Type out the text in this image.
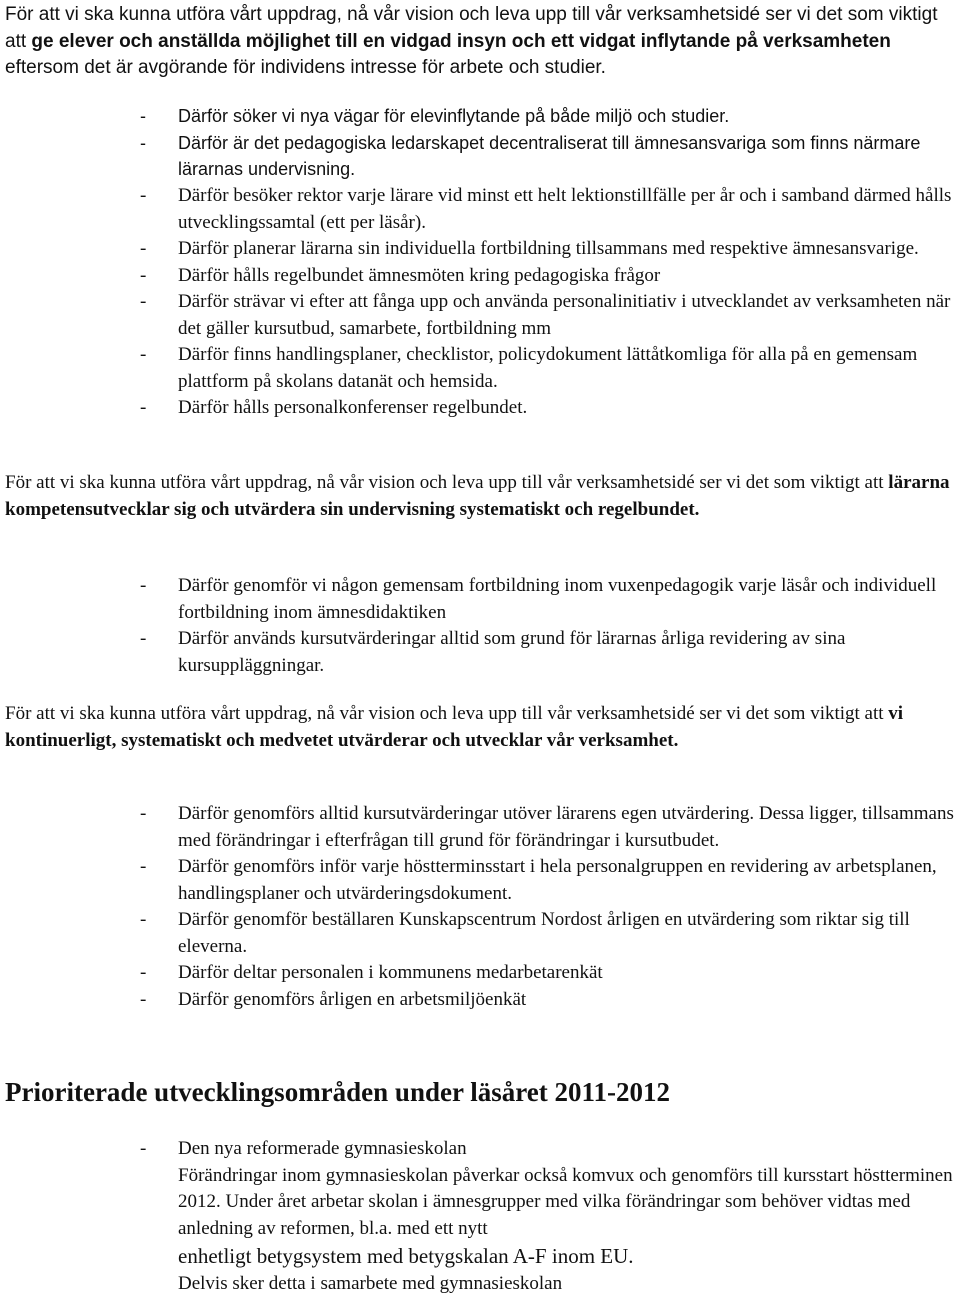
För att vi ska kunna utföra vårt uppdrag, nå vår vision och leva upp till vår verksamhetsidé ser vi det som viktigt att ge elever och anställda möjlighet till en vidgad insyn och ett vidgat inflytande på verksamheten eftersom det är avgörande för individens intresse för arbete och studier.

- Därför söker vi nya vägar för elevinflytande på både miljö och studier.
- Därför är det pedagogiska ledarskapet decentraliserat till ämnesansvariga som finns närmare lärarnas undervisning.
- Därför besöker rektor varje lärare vid minst ett helt lektionstillfälle per år och i samband därmed hålls utvecklingssamtal (ett per läsår).
- Därför planerar lärarna sin individuella fortbildning tillsammans med respektive ämnesansvarige.
- Därför hålls regelbundet ämnesmöten kring pedagogiska frågor
- Därför strävar vi efter att fånga upp och använda personalinitiativ i utvecklandet av verksamheten när det gäller kursutbud, samarbete, fortbildning mm
- Därför finns handlingsplaner, checklistor, policydokument lättåtkomliga för alla på en gemensam plattform på skolans datanät och hemsida.
- Därför hålls personalkonferenser regelbundet.

För att vi ska kunna utföra vårt uppdrag, nå vår vision och leva upp till vår verksamhetsidé ser vi det som viktigt att lärarna kompetensutvecklar sig och utvärdera sin undervisning systematiskt och regelbundet.

- Därför genomför vi någon gemensam fortbildning inom vuxenpedagogik varje läsår och individuell fortbildning inom ämnesdidaktiken
- Därför används kursutvärderingar alltid som grund för lärarnas årliga revidering av sina kursuppläggningar.

För att vi ska kunna utföra vårt uppdrag, nå vår vision och leva upp till vår verksamhetsidé ser vi det som viktigt att vi kontinuerligt, systematiskt och medvetet utvärderar och utvecklar vår verksamhet.

- Därför genomförs alltid kursutvärderingar utöver lärarens egen utvärdering. Dessa ligger, tillsammans med förändringar i efterfrågan till grund för förändringar i kursutbudet.
- Därför genomförs inför varje höstterminsstart i hela personalgruppen en revidering av arbetsplanen, handlingsplaner och utvärderingsdokument.
- Därför genomför beställaren Kunskapscentrum Nordost årligen en utvärdering som riktar sig till eleverna.
- Därför deltar personalen i kommunens medarbetarenkät
- Därför genomförs årligen en arbetsmiljöenkät
Prioriterade utvecklingsområden under läsåret 2011-2012
- Den nya reformerade gymnasieskolan
Förändringar inom gymnasieskolan påverkar också komvux och genomförs till kursstart höstterminen 2012. Under året arbetar skolan i ämnesgrupper med vilka förändringar som behöver vidtas med anledning av reformen, bl.a. med ett nytt
enhetligt betygsystem med betygskalan A-F inom EU.
Delvis sker detta i samarbete med gymnasieskolan
